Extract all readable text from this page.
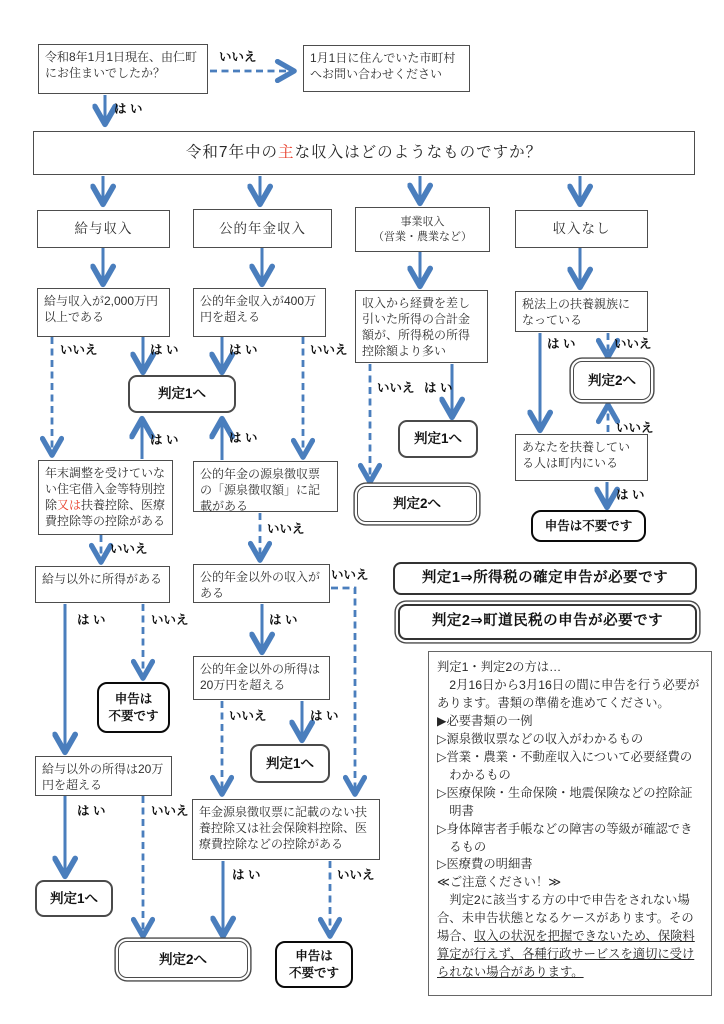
令和8年1月1日現在、由仁町にお住まいでしたか？
1月1日に住んでいた市町村へお問い合わせください
令和7年中の主な収入はどのようなものですか？
給与収入	公的年金収入	事業収入
（営業・農業など）
収入なし
給与収入が2,000万円以上である
公的年金収入が400万円を超える
収入から経費を差し引いた所得の合計金額が、所得税の所得控除額より多い
税法上の扶養親族になっている
判定1へ
年末調整を受けていない住宅借入金等特別控除又は扶養控除、医療費控除等の控除がある
公的年金の源泉徴収票の「源泉徴収額」に記載がある
判定1へ
判定2へ
判定2へ
あなたを扶養している人は町内にいる
申告は不要です
判定1⇒所得税の確定申告が必要です
判定2⇒町道民税の申告が必要です
給与以外に所得がある	公的年金以外の収入がある
申告は
不要です
公的年金以外の所得は20万円を超える
給与以外の所得は20万円を超える
判定1へ
年金源泉徴収票に記載のない扶養控除又は社会保険料控除、医療費控除などの控除がある
判定1へ
判定2へ	申告は
不要です
判定1・判定2の方は…
　2月16日から3月16日の間に申告を行う必要があります。書類の準備を進めてください。
▶必要書類の一例
▷源泉徴収票などの収入がわかるもの
▷営業・農業・不動産収入について必要経費のわかるもの
▷医療保険・生命保険・地震保険などの控除証明書
▷身体障害者手帳などの障害の等級が確認できるもの
▷医療費の明細書
≪ご注意ください！≫
　判定2に該当する方の中で申告をされない場合、未申告状態となるケースがあります。その場合、収入の状況を把握できないため、保険料算定が行えず、各種行政サービスを適切に受けられない場合があります。
いいえ
は い
いいえ	は い	は い	いいえ
は い	は い
いいえ
いいえ
いいえ は い
は い	いいえ
いいえ
は い
は い	いいえ	は い
いいえ
いいえ	は い
は い	いいえ
は い	いいえ
